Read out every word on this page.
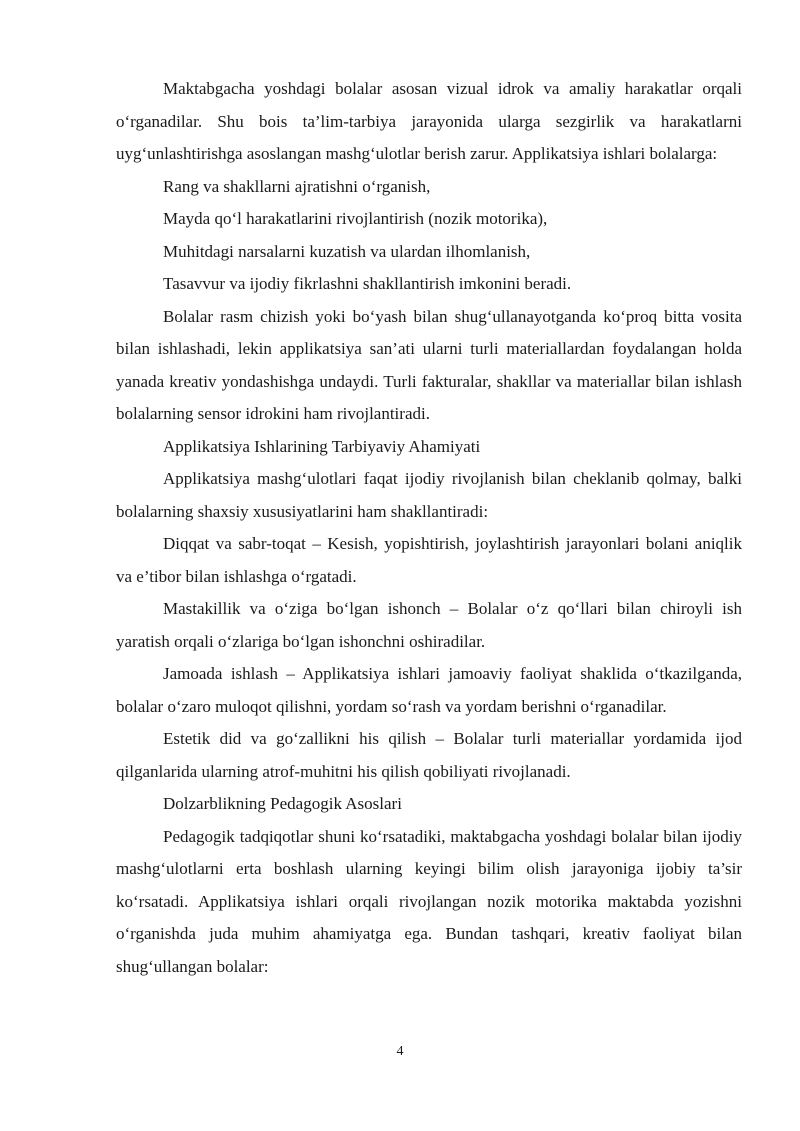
Maktabgacha yoshdagi bolalar asosan vizual idrok va amaliy harakatlar orqali o‘rganadilar. Shu bois ta’lim-tarbiya jarayonida ularga sezgirlik va harakatlarni uyg‘unlashtirishga asoslangan mashg‘ulotlar berish zarur. Applikatsiya ishlari bolalarga:

Rang va shakllarni ajratishni o‘rganish,

Mayda qo‘l harakatlarini rivojlantirish (nozik motorika),

Muhitdagi narsalarni kuzatish va ulardan ilhomlanish,

Tasavvur va ijodiy fikrlashni shakllantirish imkonini beradi.

Bolalar rasm chizish yoki bo‘yash bilan shug‘ullanayotganda ko‘proq bitta vosita bilan ishlashadi, lekin applikatsiya san’ati ularni turli materiallardan foydalangan holda yanada kreativ yondashishga undaydi. Turli fakturalar, shakllar va materiallar bilan ishlash bolalarning sensor idrokini ham rivojlantiradi.

Applikatsiya Ishlarining Tarbiyaviy Ahamiyati

Applikatsiya mashg‘ulotlari faqat ijodiy rivojlanish bilan cheklanib qolmay, balki bolalarning shaxsiy xususiyatlarini ham shakllantiradi:

Diqqat va sabr-toqat – Kesish, yopishtirish, joylashtirish jarayonlari bolani aniqlik va e’tibor bilan ishlashga o‘rgatadi.

Mastakillik va o‘ziga bo‘lgan ishonch – Bolalar o‘z qo‘llari bilan chiroyli ish yaratish orqali o‘zlariga bo‘lgan ishonchni oshiradilar.

Jamoada ishlash – Applikatsiya ishlari jamoaviy faoliyat shaklida o‘tkazilganda, bolalar o‘zaro muloqot qilishni, yordam so‘rash va yordam berishni o‘rganadilar.

Estetik did va go‘zallikni his qilish – Bolalar turli materiallar yordamida ijod qilganlarida ularning atrof-muhitni his qilish qobiliyati rivojlanadi.

Dolzarblikning Pedagogik Asoslari

Pedagogik tadqiqotlar shuni ko‘rsatadiki, maktabgacha yoshdagi bolalar bilan ijodiy mashg‘ulotlarni erta boshlash ularning keyingi bilim olish jarayoniga ijobiy ta’sir ko‘rsatadi. Applikatsiya ishlari orqali rivojlangan nozik motorika maktabda yozishni o‘rganishda juda muhim ahamiyatga ega. Bundan tashqari, kreativ faoliyat bilan shug‘ullangan bolalar:

4
